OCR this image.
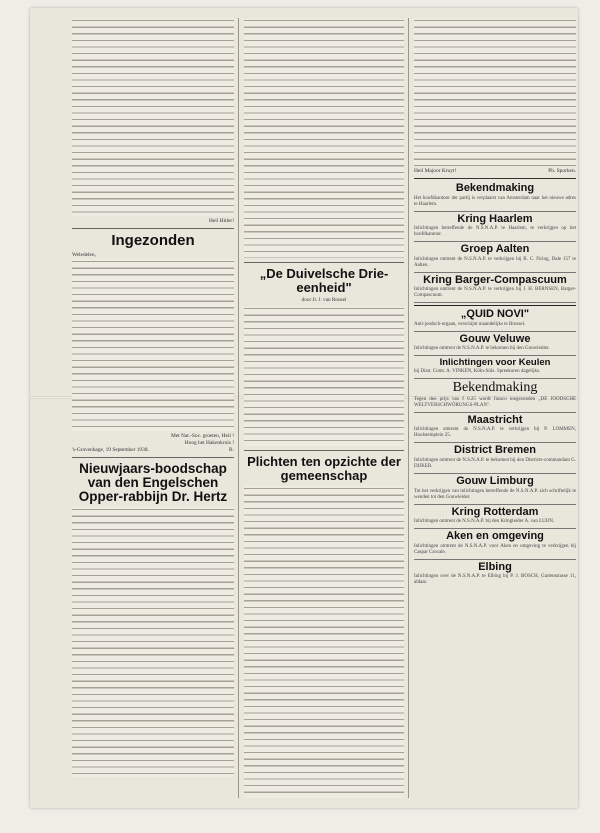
Heil Hitler!
Ingezonden
Weledelen,
Met Nat.-Soc. groeten, Heil !
Hoog het Hakenkruis !
's-Gravenhage, 19 September 1938.	B.
Nieuwjaars-boodschap van den Engelschen Opper-rabbijn Dr. Hertz
„De Duivelsche Drie-eenheid"
door Jr. J. van Roosel
Plichten ten opzichte der gemeenschap
Heil Majoor Kruyt!	Ph. Sporken.
Bekendmaking

Het hoofdkantoor der partij is verplaatst van Amsterdam naar het nieuwe adres te Haarlem.

Kring Haarlem

Inlichtingen betreffende de N.S.N.A.P. te Haarlem, te verkrijgen op het hoofdkantoor.

Groep Aalten

Inlichtingen omtrent de N.S.N.A.P. te verkrijgen bij B. C. Firing, Dale 157 te Aalten.

Kring Barger-Compascuum

Inlichtingen omtrent de N.S.N.A.P. te verkrijgen bij J. H. BERNSEN, Barger-Compascuum.

„QUID NOVI"

Anti-joodsch-orgaan, verschijnt maandelijks te Brussel.

Gouw Veluwe

Inlichtingen omtrent de N.S.N.A.P. te bekomen bij den Gouwleider.

Inlichtingen voor Keulen

bij Distr. Comt. A. VINKEN, Köln-Sülz. Spreekuren dagelijks.

Bekendmaking

Tegen den prijs van f 0.25 wordt franco toegezonden „DE JOODSCHE WELTVERSCHWÖRUNGS-PLAN".

Maastricht

Inlichtingen omtrent de N.S.N.A.P. te verkrijgen bij P. LOMMEN, Hoolsteinplein 25.

District Bremen

Inlichtingen omtrent de N.S.N.A.P. te bekomen bij den Districts-commandant G. DIJKER.

Gouw Limburg

Tot het verkrijgen van inlichtingen betreffende de N.S.N.A.P. zich schriftelijk te wenden tot den Gouwleider.

Kring Rotterdam

Inlichtingen omtrent de N.S.N.A.P. bij den Kringleider A. van LUIJN.

Aken en omgeving

Inlichtingen omtrent de N.S.N.A.P. voor Aken en omgeving te verkrijgen bij Caspar Crocale.

Elbing

Inlichtingen over de N.S.N.A.P. te Elbing bij P. J. BOSCH, Gartenstrasse 11, aldaar.
